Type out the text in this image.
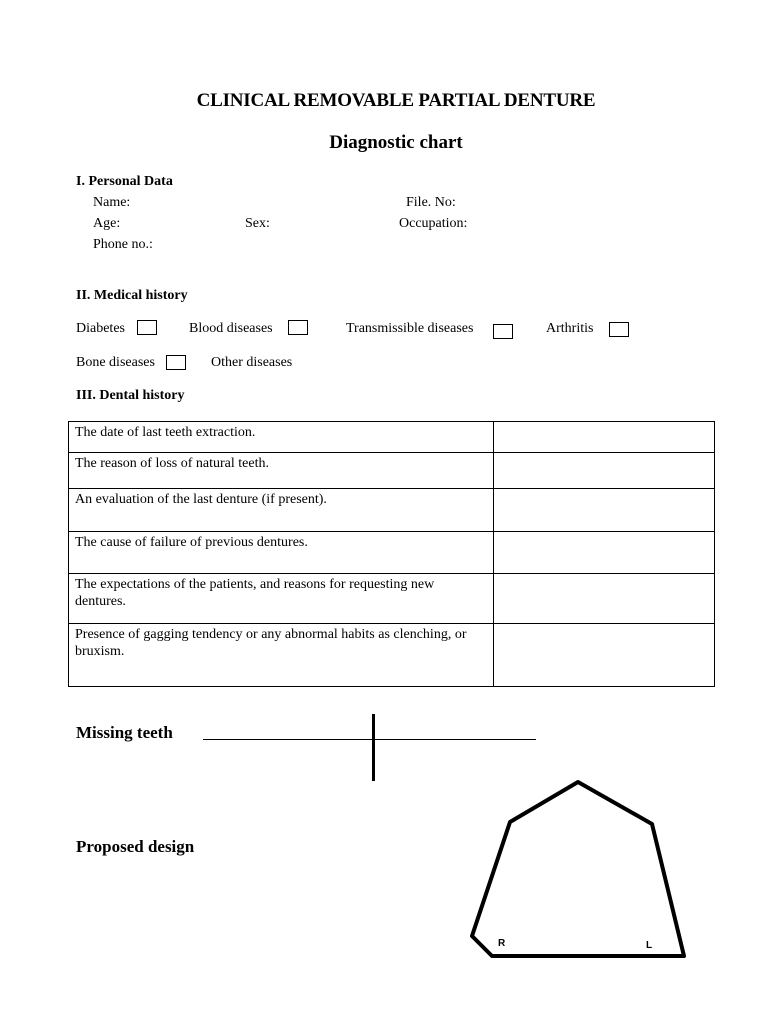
CLINICAL REMOVABLE PARTIAL DENTURE
Diagnostic chart
I. Personal Data
Name:	File. No:
Age:	Sex:	Occupation:
Phone no.:
II. Medical history
Diabetes	Blood diseases	Transmissible diseases	Arthritis
Bone diseases	Other diseases
III. Dental history
The date of last teeth extraction.	
The reason of loss of natural teeth.	
An evaluation of the last denture (if present).	
The cause of failure of previous dentures.	
The expectations of the patients, and reasons for requesting new dentures.	
Presence of gagging tendency or any abnormal habits as clenching, or bruxism.	
Missing teeth
Proposed design
R	L
